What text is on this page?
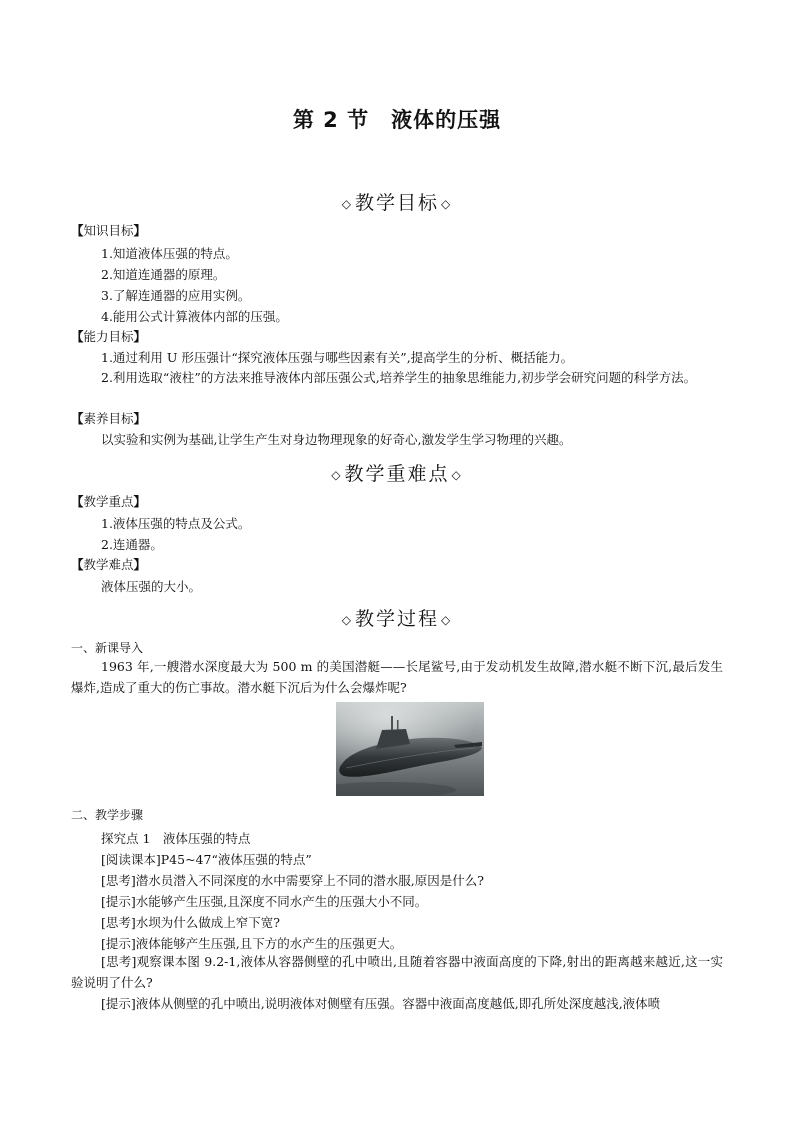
第 2 节　液体的压强
◇ 教学目标 ◇
【知识目标】
1.知道液体压强的特点。
2.知道连通器的原理。
3.了解连通器的应用实例。
4.能用公式计算液体内部的压强。
【能力目标】
1.通过利用 U 形压强计“探究液体压强与哪些因素有关”,提高学生的分析、概括能力。
2.利用选取“液柱”的方法来推导液体内部压强公式,培养学生的抽象思维能力,初步学会研究问题的科学方法。
【素养目标】
以实验和实例为基础,让学生产生对身边物理现象的好奇心,激发学生学习物理的兴趣。
◇ 教学重难点 ◇
【教学重点】
1.液体压强的特点及公式。
2.连通器。
【教学难点】
液体压强的大小。
◇ 教学过程 ◇
一、新课导入
1963 年,一艘潜水深度最大为 500 m 的美国潜艇——长尾鲨号,由于发动机发生故障,潜水艇不断下沉,最后发生爆炸,造成了重大的伤亡事故。潜水艇下沉后为什么会爆炸呢?
二、教学步骤
探究点 1　液体压强的特点
[阅读课本]P45~47“液体压强的特点”
[思考]潜水员潜入不同深度的水中需要穿上不同的潜水服,原因是什么?
[提示]水能够产生压强,且深度不同水产生的压强大小不同。
[思考]水坝为什么做成上窄下宽?
[提示]液体能够产生压强,且下方的水产生的压强更大。
[思考]观察课本图 9.2-1,液体从容器侧壁的孔中喷出,且随着容器中液面高度的下降,射出的距离越来越近,这一实验说明了什么?
[提示]液体从侧壁的孔中喷出,说明液体对侧壁有压强。容器中液面高度越低,即孔所处深度越浅,液体喷
